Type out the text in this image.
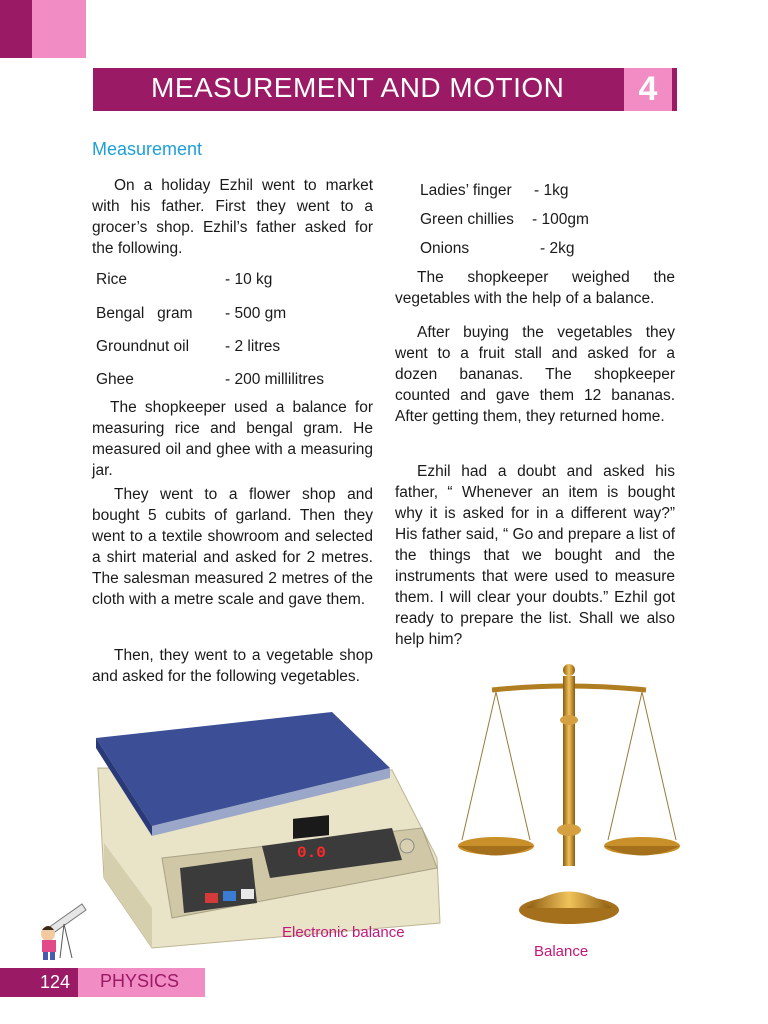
MEASUREMENT AND MOTION	4
Measurement

On a holiday Ezhil went to market with his father. First they went to a grocer’s shop. Ezhil’s father asked for the following.

Rice	- 10 kg
Bengal   gram - 500 gm
Groundnut oil - 2 litres
Ghee	- 200 millilitres

The shopkeeper used a balance for measuring rice and bengal gram. He measured oil and ghee with a measuring jar.

They went to a flower shop and bought 5 cubits of garland. Then they went to a textile showroom and selected a shirt material and asked for 2 metres. The salesman measured 2 metres of the cloth with a metre scale and gave them.

Then, they went to a vegetable shop and asked for the following vegetables.

Ladies’ finger - 1kg
Green chillies - 100gm
Onions	- 2kg

The shopkeeper weighed the vegetables with the help of a balance.

After buying the vegetables they went to a fruit stall and asked for a dozen bananas. The shopkeeper counted and gave them 12 bananas. After getting them, they returned home.

Ezhil had a doubt and asked his father, “ Whenever an item is bought why it is asked for in a different way?” His father said, “ Go and prepare a list of the things that we bought and the instruments that were used to measure them. I will clear your doubts.” Ezhil got ready to prepare the list. Shall we also help him?

0.0
Electronic balance
Balance
124 PHYSICS
